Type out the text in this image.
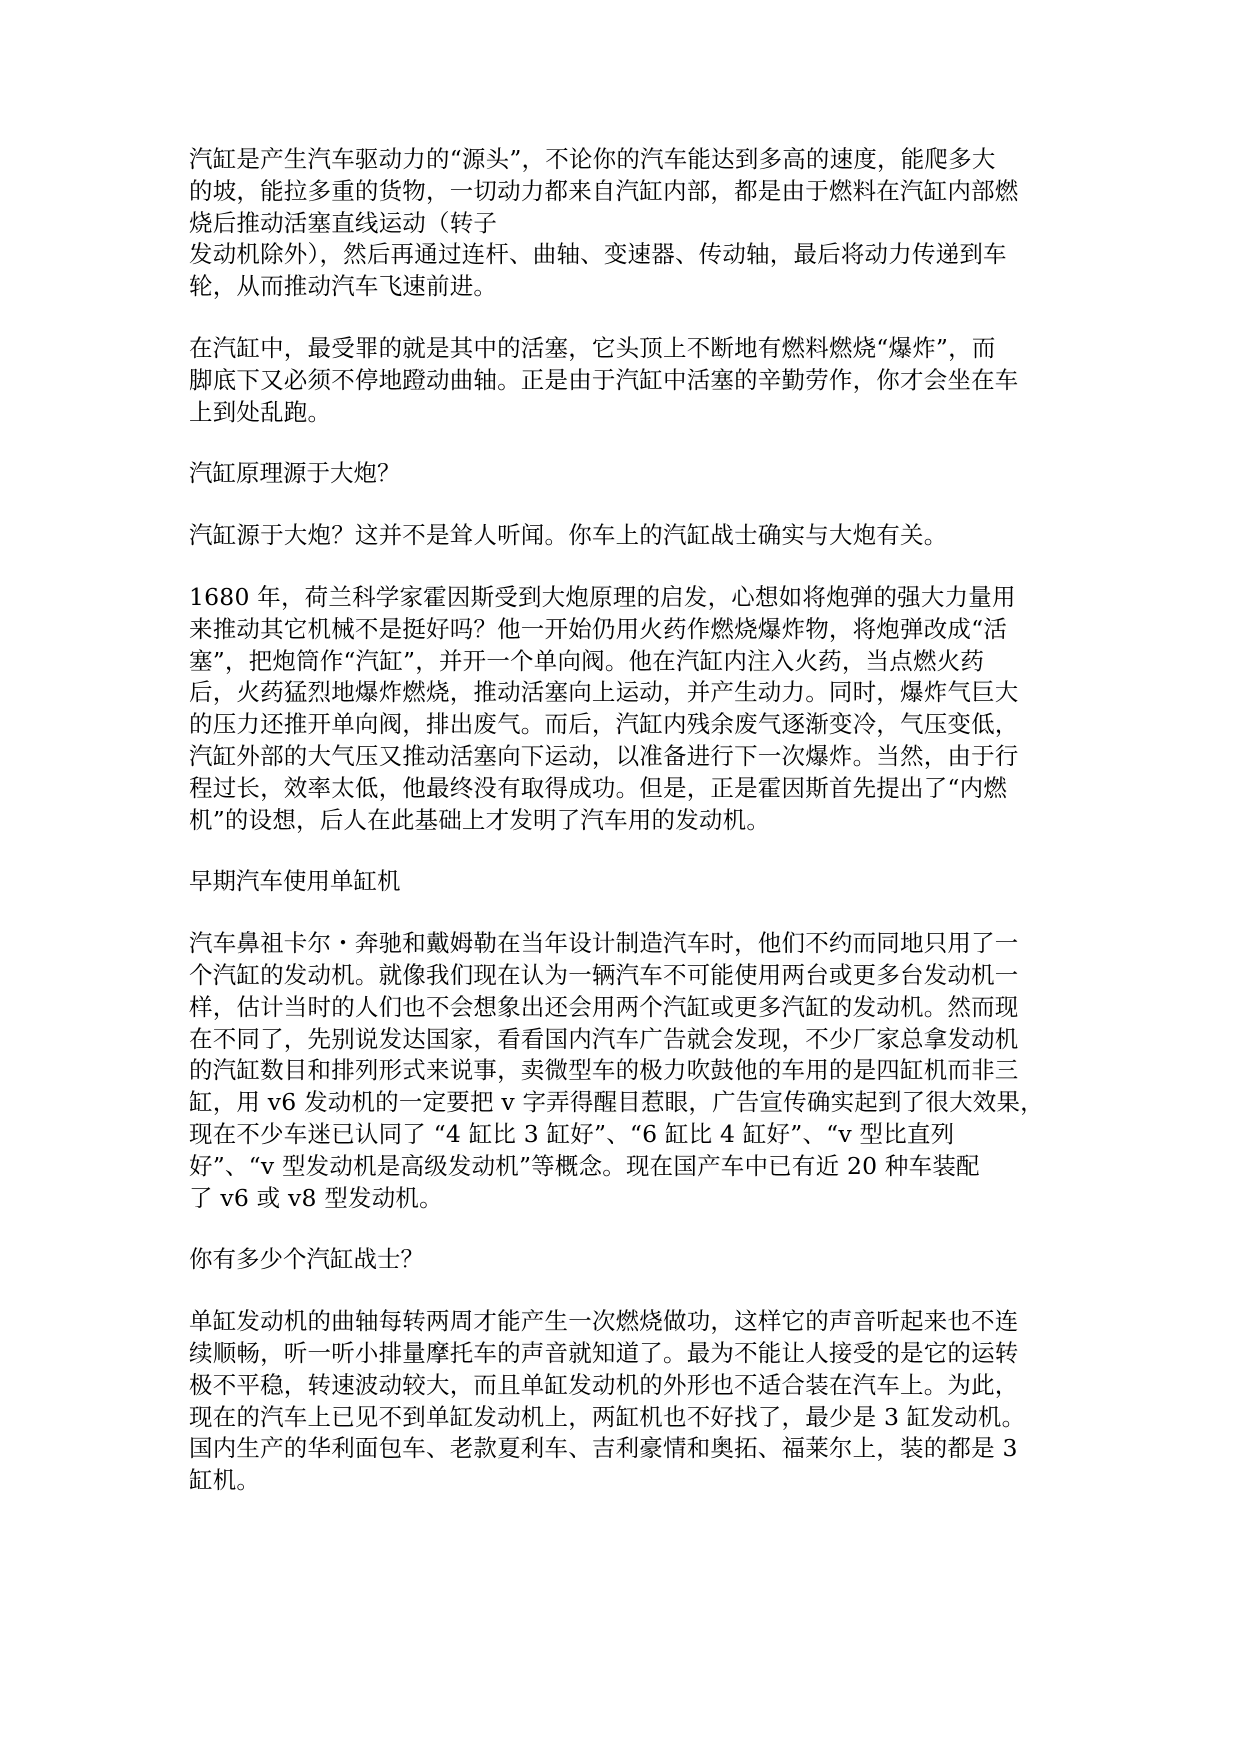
汽缸是产生汽车驱动力的“源头”，不论你的汽车能达到多高的速度，能爬多大
的坡，能拉多重的货物，一切动力都来自汽缸内部，都是由于燃料在汽缸内部燃
烧后推动活塞直线运动（转子
发动机除外），然后再通过连杆、曲轴、变速器、传动轴，最后将动力传递到车
轮，从而推动汽车飞速前进。

在汽缸中，最受罪的就是其中的活塞，它头顶上不断地有燃料燃烧“爆炸”，而
脚底下又必须不停地蹬动曲轴。正是由于汽缸中活塞的辛勤劳作，你才会坐在车
上到处乱跑。

汽缸原理源于大炮？

汽缸源于大炮？这并不是耸人听闻。你车上的汽缸战士确实与大炮有关。

1680 年，荷兰科学家霍因斯受到大炮原理的启发，心想如将炮弹的强大力量用
来推动其它机械不是挺好吗？他一开始仍用火药作燃烧爆炸物，将炮弹改成“活
塞”，把炮筒作“汽缸”，并开一个单向阀。他在汽缸内注入火药，当点燃火药
后，火药猛烈地爆炸燃烧，推动活塞向上运动，并产生动力。同时，爆炸气巨大
的压力还推开单向阀，排出废气。而后，汽缸内残余废气逐渐变冷，气压变低，
汽缸外部的大气压又推动活塞向下运动，以准备进行下一次爆炸。当然，由于行
程过长，效率太低，他最终没有取得成功。但是，正是霍因斯首先提出了“内燃
机”的设想，后人在此基础上才发明了汽车用的发动机。

早期汽车使用单缸机

汽车鼻祖卡尔・奔驰和戴姆勒在当年设计制造汽车时，他们不约而同地只用了一
个汽缸的发动机。就像我们现在认为一辆汽车不可能使用两台或更多台发动机一
样，估计当时的人们也不会想象出还会用两个汽缸或更多汽缸的发动机。然而现
在不同了，先别说发达国家，看看国内汽车广告就会发现，不少厂家总拿发动机
的汽缸数目和排列形式来说事，卖微型车的极力吹鼓他的车用的是四缸机而非三
缸，用 v6 发动机的一定要把 v 字弄得醒目惹眼，广告宣传确实起到了很大效果，
现在不少车迷已认同了 “4 缸比 3 缸好”、“6 缸比 4 缸好”、“v 型比直列
好”、“v 型发动机是高级发动机”等概念。现在国产车中已有近 20 种车装配
了 v6 或 v8 型发动机。

你有多少个汽缸战士？

单缸发动机的曲轴每转两周才能产生一次燃烧做功，这样它的声音听起来也不连
续顺畅，听一听小排量摩托车的声音就知道了。最为不能让人接受的是它的运转
极不平稳，转速波动较大，而且单缸发动机的外形也不适合装在汽车上。为此，
现在的汽车上已见不到单缸发动机上，两缸机也不好找了，最少是 3 缸发动机。
国内生产的华利面包车、老款夏利车、吉利豪情和奥拓、福莱尔上，装的都是 3
缸机。
